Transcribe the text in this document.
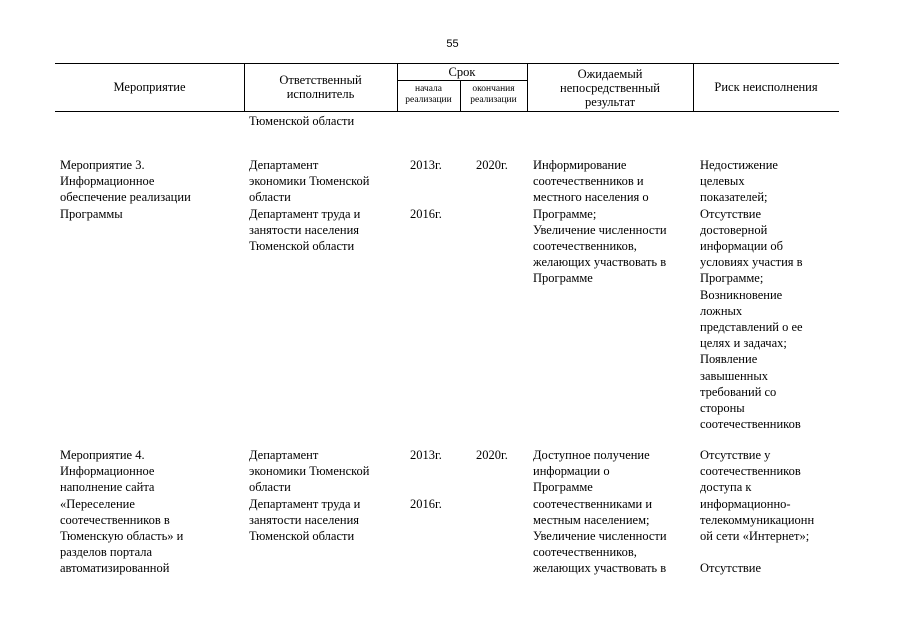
55
Мероприятие	Ответственный
исполнитель
Срок
начала
реализации
окончания
реализации
Ожидаемый
непосредственный
результат
Риск неисполнения
Тюменской области
Мероприятие 3.
Информационное
обеспечение реализации
Программы
Департамент
экономики Тюменской
области
Департамент труда и
занятости населения
Тюменской области
2013г.
2016г.
2020г. Информирование
соотечественников и
местного населения о
Программе;
Увеличение численности
соотечественников,
желающих участвовать в
Программе
Недостижение
целевых
показателей;
Отсутствие
достоверной
информации об
условиях участия в
Программе;
Возникновение
ложных
представлений о ее
целях и задачах;
Появление
завышенных
требований со
стороны
соотечественников
Мероприятие 4.
Информационное
наполнение сайта
«Переселение
соотечественников в
Тюменскую область» и
разделов портала
автоматизированной
Департамент
экономики Тюменской
области
Департамент труда и
занятости населения
Тюменской области
2013г.
2016г.
2020г. Доступное получение
информации о
Программе
соотечественниками и
местным населением;
Увеличение численности
соотечественников,
желающих участвовать в
Отсутствие у
соотечественников
доступа к
информационно-
телекоммуникационн
ой сети «Интернет»;
Отсутствие
